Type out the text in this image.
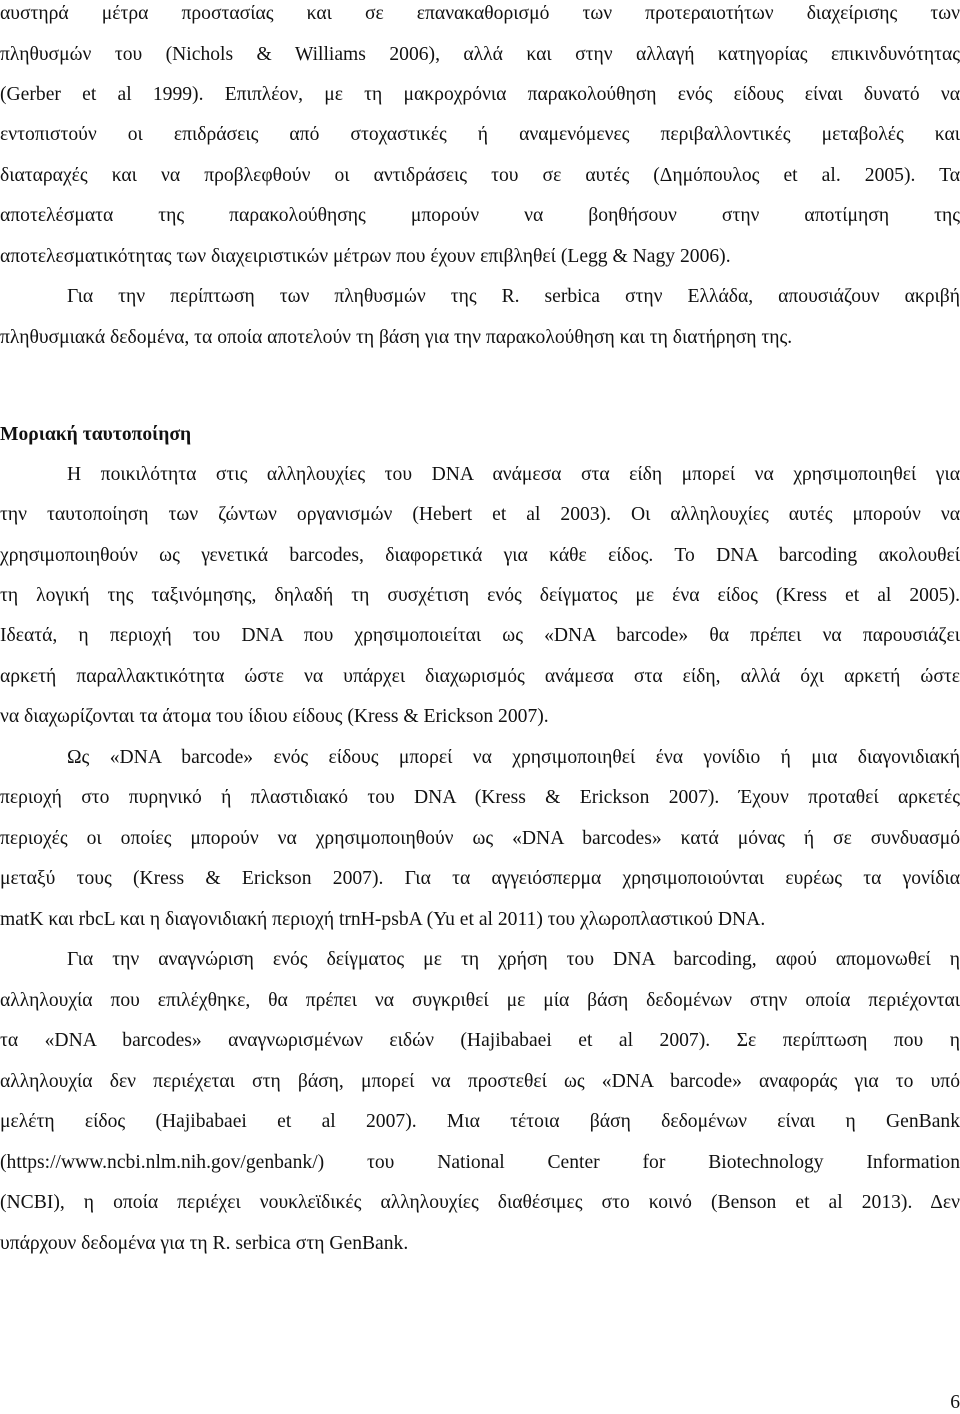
αυστηρά μέτρα προστασίας και σε επανακαθορισμό των προτεραιοτήτων διαχείρισης των

πληθυσμών του (Nichols & Williams 2006), αλλά και στην αλλαγή κατηγορίας επικινδυνότητας

(Gerber et al 1999). Επιπλέον, με τη μακροχρόνια παρακολούθηση ενός είδους είναι δυνατό να

εντοπιστούν οι επιδράσεις από στοχαστικές ή αναμενόμενες περιβαλλοντικές μεταβολές και

διαταραχές και να προβλεφθούν οι αντιδράσεις του σε αυτές (Δημόπουλος et al. 2005). Τα

αποτελέσματα της παρακολούθησης μπορούν να βοηθήσουν στην αποτίμηση της

αποτελεσματικότητας των διαχειριστικών μέτρων που έχουν επιβληθεί (Legg & Nagy 2006).

Για την περίπτωση των πληθυσμών της R. serbica στην Ελλάδα, απουσιάζουν ακριβή

πληθυσμιακά δεδομένα, τα οποία αποτελούν τη βάση για την παρακολούθηση και τη διατήρηση της.

Μοριακή ταυτοποίηση

Η ποικιλότητα στις αλληλουχίες του DNA ανάμεσα στα είδη μπορεί να χρησιμοποιηθεί για

την ταυτοποίηση των ζώντων οργανισμών (Hebert et al 2003). Οι αλληλουχίες αυτές μπορούν να

χρησιμοποιηθούν ως γενετικά barcodes, διαφορετικά για κάθε είδος. Το DNA barcoding ακολουθεί

τη λογική της ταξινόμησης, δηλαδή τη συσχέτιση ενός δείγματος με ένα είδος (Kress et al 2005).

Ιδεατά, η περιοχή του DNA που χρησιμοποιείται ως «DNA barcode» θα πρέπει να παρουσιάζει

αρκετή παραλλακτικότητα ώστε να υπάρχει διαχωρισμός ανάμεσα στα είδη, αλλά όχι αρκετή ώστε

να διαχωρίζονται τα άτομα του ίδιου είδους (Kress & Erickson 2007).

Ως «DNA barcode» ενός είδους μπορεί να χρησιμοποιηθεί ένα γονίδιο ή μια διαγονιδιακή

περιοχή στο πυρηνικό ή πλαστιδιακό του DNA (Kress & Erickson 2007). Έχουν προταθεί αρκετές

περιοχές οι οποίες μπορούν να χρησιμοποιηθούν ως «DNA barcodes» κατά μόνας ή σε συνδυασμό

μεταξύ τους (Kress & Erickson 2007). Για τα αγγειόσπερμα χρησιμοποιούνται ευρέως τα γονίδια

matK και rbcL και η διαγονιδιακή περιοχή trnH-psbA (Yu et al 2011) του χλωροπλαστικού DNA.

Για την αναγνώριση ενός δείγματος με τη χρήση του DNA barcoding, αφού απομονωθεί η

αλληλουχία που επιλέχθηκε, θα πρέπει να συγκριθεί με μία βάση δεδομένων στην οποία περιέχονται

τα «DNA barcodes» αναγνωρισμένων ειδών (Hajibabaei et al 2007). Σε περίπτωση που η

αλληλουχία δεν περιέχεται στη βάση, μπορεί να προστεθεί ως «DNA barcode» αναφοράς για το υπό

μελέτη είδος (Hajibabaei et al 2007). Μια τέτοια βάση δεδομένων είναι η GenBank

(https://www.ncbi.nlm.nih.gov/genbank/) του National Center for Biotechnology Information

(NCBI), η οποία περιέχει νουκλεϊδικές αλληλουχίες διαθέσιμες στο κοινό (Benson et al 2013). Δεν

υπάρχουν δεδομένα για τη R. serbica στη GenBank.

6
